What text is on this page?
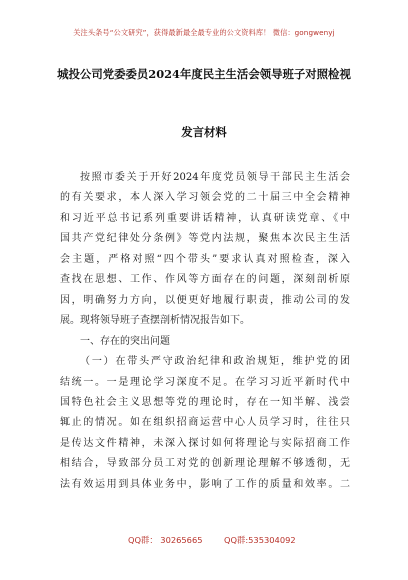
关注头条号“公文研究”，获得最新最全最专业的公文资料库！ 微信：gongwenyj
城投公司党委委员2024年度民主生活会领导班子对照检视
发言材料
按照市委关于开好2024年度党员领导干部民主生活会
的有关要求，本人深入学习领会党的二十届三中全会精神
和习近平总书记系列重要讲话精神，认真研读党章、《中
国共产党纪律处分条例》等党内法规，聚焦本次民主生活
会主题，严格对照“四个带头”要求认真对照检查，深入
查找在思想、工作、作风等方面存在的问题，深刻剖析原
因，明确努力方向，以便更好地履行职责，推动公司的发
展。现将领导班子查摆剖析情况报告如下。
一、存在的突出问题
（一）在带头严守政治纪律和政治规矩，维护党的团
结统一。一是理论学习深度不足。在学习习近平新时代中
国特色社会主义思想等党的理论时，存在一知半解、浅尝
辄止的情况。如在组织招商运营中心人员学习时，往往只
是传达文件精神，未深入探讨如何将理论与实际招商工作
相结合，导致部分员工对党的创新理论理解不够透彻，无
法有效运用到具体业务中，影响了工作的质量和效率。二
QQ群： 30265665	QQ群:535304092
